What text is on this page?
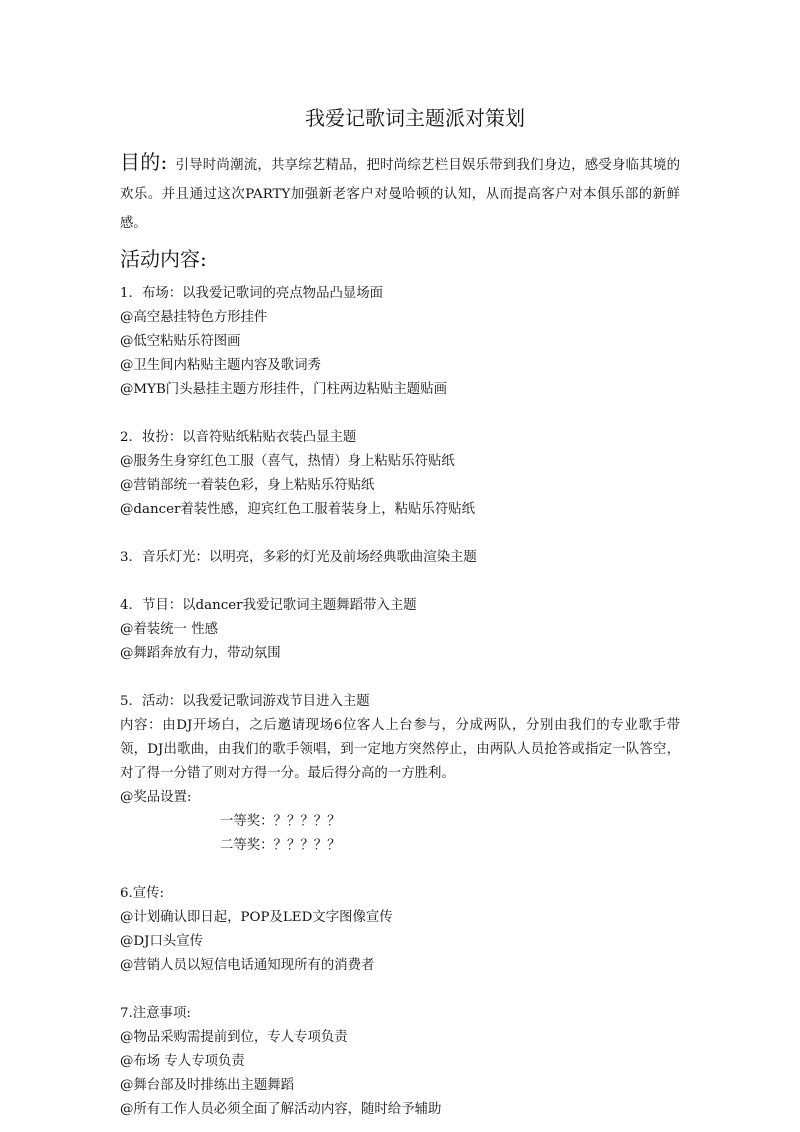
我爱记歌词主题派对策划

目的: 引导时尚潮流，共享综艺精品，把时尚综艺栏目娱乐带到我们身边，感受身临其境的欢乐。并且通过这次PARTY加强新老客户对曼哈顿的认知，从而提高客户对本俱乐部的新鲜感。

活动内容:

1. 布场：以我爱记歌词的亮点物品凸显场面

@高空悬挂特色方形挂件

@低空粘贴乐符图画

@卫生间内粘贴主题内容及歌词秀

@MYB门头悬挂主题方形挂件，门柱两边粘贴主题贴画

2. 妆扮：以音符贴纸粘贴衣装凸显主题

@服务生身穿红色工服（喜气，热情）身上粘贴乐符贴纸

@营销部统一着装色彩，身上粘贴乐符贴纸

@dancer着装性感，迎宾红色工服着装身上，粘贴乐符贴纸

3. 音乐灯光：以明亮，多彩的灯光及前场经典歌曲渲染主题

4. 节目：以dancer我爱记歌词主题舞蹈带入主题

@着装统一 性感

@舞蹈奔放有力，带动氛围

5. 活动：以我爱记歌词游戏节目进入主题

内容：由DJ开场白，之后邀请现场6位客人上台参与，分成两队，分别由我们的专业歌手带领，DJ出歌曲，由我们的歌手领唱，到一定地方突然停止，由两队人员抢答或指定一队答空，对了得一分错了则对方得一分。最后得分高的一方胜利。

@奖品设置:

一等奖：？？？？？

二等奖：？？？？？

6.宣传:

@计划确认即日起，POP及LED文字图像宣传

@DJ口头宣传

@营销人员以短信电话通知现所有的消费者

7.注意事项:

@物品采购需提前到位，专人专项负责

@布场 专人专项负责

@舞台部及时排练出主题舞蹈

@所有工作人员必须全面了解活动内容，随时给予辅助
